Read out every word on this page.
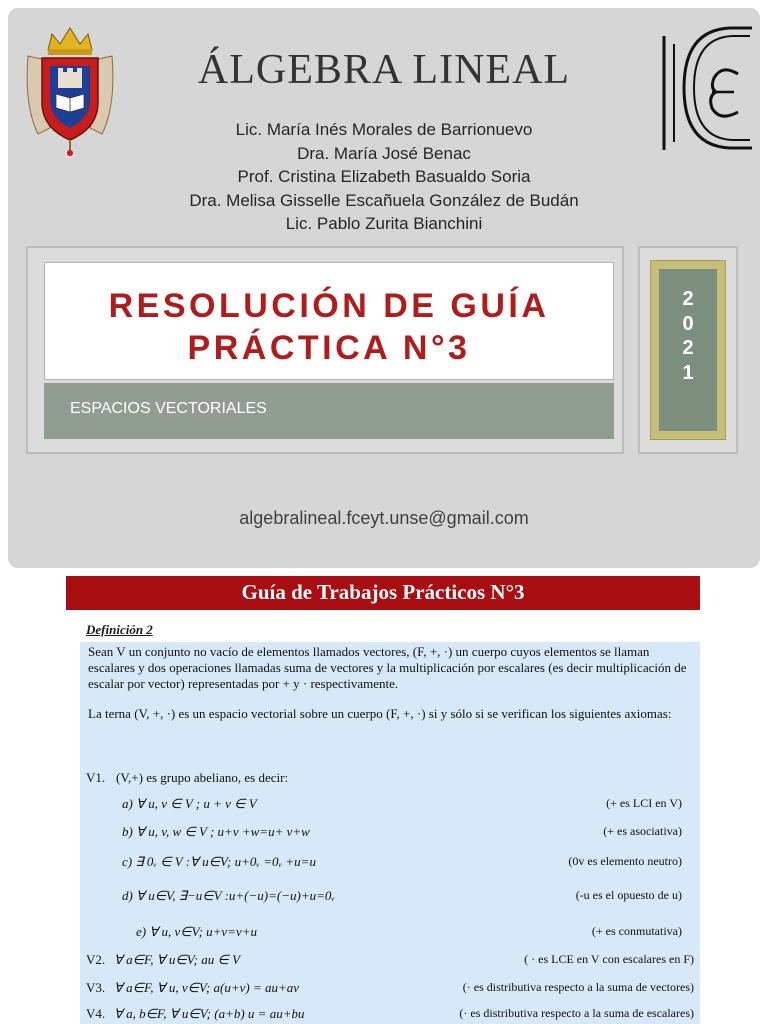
ÁLGEBRA LINEAL
Lic. María Inés Morales de Barrionuevo
Dra. María José Benac
Prof. Cristina Elizabeth Basualdo Soria
Dra. Melisa Gisselle Escañuela González de Budán
Lic. Pablo Zurita Bianchini
RESOLUCIÓN DE GUÍA
PRÁCTICA N°3
ESPACIOS VECTORIALES
2
0
2
1
algebralineal.fceyt.unse@gmail.com
Guía de Trabajos Prácticos N°3
Definición 2
Sean V un conjunto no vacío de elementos llamados vectores, (F, +, ·) un cuerpo cuyos elementos se llaman escalares y dos operaciones llamadas suma de vectores y la multiplicación por escalares (es decir multiplicación de escalar por vector) representadas por + y · respectivamente.
La terna (V, +, ·) es un espacio vectorial sobre un cuerpo (F, +, ·) si y sólo si se verifican los siguientes axiomas:
V1. (V,+) es grupo abeliano, es decir:
a) ∀ u, v ∈ V ; u + v ∈ V	(+ es LCI en V)
b) ∀ u, v, w ∈ V ; u+v +w=u+ v+w	(+ es asociativa)
c) ∃ 0ᵥ ∈ V :∀ u∈V; u+0ᵥ =0ᵥ +u=u	(0v es elemento neutro)
d) ∀ u∈V, ∃−u∈V :u+(−u)=(−u)+u=0ᵥ	(-u es el opuesto de u)
e) ∀ u, v∈V; u+v=v+u	(+ es conmutativa)
V2. ∀ a∈F, ∀ u∈V; au ∈ V	( · es LCE en V con escalares en F)
V3. ∀ a∈F, ∀ u, v∈V; a(u+v) = au+av	(· es distributiva respecto a la suma de vectores)
V4. ∀ a, b∈F, ∀ u∈V; (a+b) u = au+bu	(· es distributiva respecto a la suma de escalares)
